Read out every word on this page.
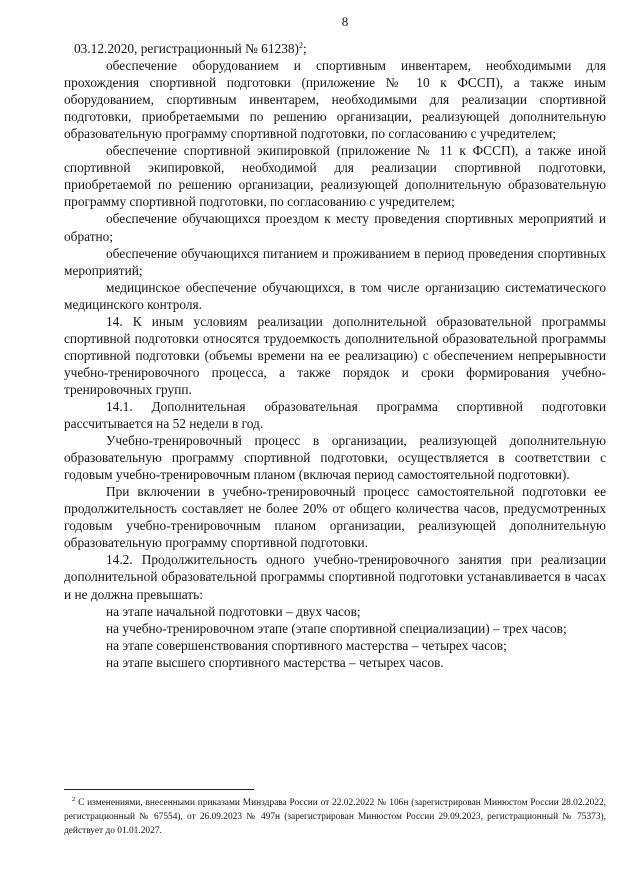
8

03.12.2020, регистрационный № 61238)$^2$;

обеспечение оборудованием и спортивным инвентарем, необходимыми для прохождения спортивной подготовки (приложение № 10 к ФССП), а также иным оборудованием, спортивным инвентарем, необходимыми для реализации спортивной подготовки, приобретаемыми по решению организации, реализующей дополнительную образовательную программу спортивной подготовки, по согласованию с учредителем;

обеспечение спортивной экипировкой (приложение № 11 к ФССП), а также иной спортивной экипировкой, необходимой для реализации спортивной подготовки, приобретаемой по решению организации, реализующей дополнительную образовательную программу спортивной подготовки, по согласованию с учредителем;

обеспечение обучающихся проездом к месту проведения спортивных мероприятий и обратно;

обеспечение обучающихся питанием и проживанием в период проведения спортивных мероприятий;

медицинское обеспечение обучающихся, в том числе организацию систематического медицинского контроля.

14. К иным условиям реализации дополнительной образовательной программы спортивной подготовки относятся трудоемкость дополнительной образовательной программы спортивной подготовки (объемы времени на ее реализацию) с обеспечением непрерывности учебно-тренировочного процесса, а также порядок и сроки формирования учебно-тренировочных групп.

14.1. Дополнительная образовательная программа спортивной подготовки рассчитывается на 52 недели в год.

Учебно-тренировочный процесс в организации, реализующей дополнительную образовательную программу спортивной подготовки, осуществляется в соответствии с годовым учебно-тренировочным планом (включая период самостоятельной подготовки).

При включении в учебно-тренировочный процесс самостоятельной подготовки ее продолжительность составляет не более 20% от общего количества часов, предусмотренных годовым учебно-тренировочным планом организации, реализующей дополнительную образовательную программу спортивной подготовки.

14.2. Продолжительность одного учебно-тренировочного занятия при реализации дополнительной образовательной программы спортивной подготовки устанавливается в часах и не должна превышать:

на этапе начальной подготовки – двух часов;

на учебно-тренировочном этапе (этапе спортивной специализации) – трех часов;

на этапе совершенствования спортивного мастерства – четырех часов;

на этапе высшего спортивного мастерства – четырех часов.

$^2$ С изменениями, внесенными приказами Минздрава России от 22.02.2022 № 106н (зарегистрирован Минюстом России 28.02.2022, регистрационный № 67554), от 26.09.2023 № 497н (зарегистрирован Минюстом России 29.09.2023, регистрационный № 75373), действует до 01.01.2027.
